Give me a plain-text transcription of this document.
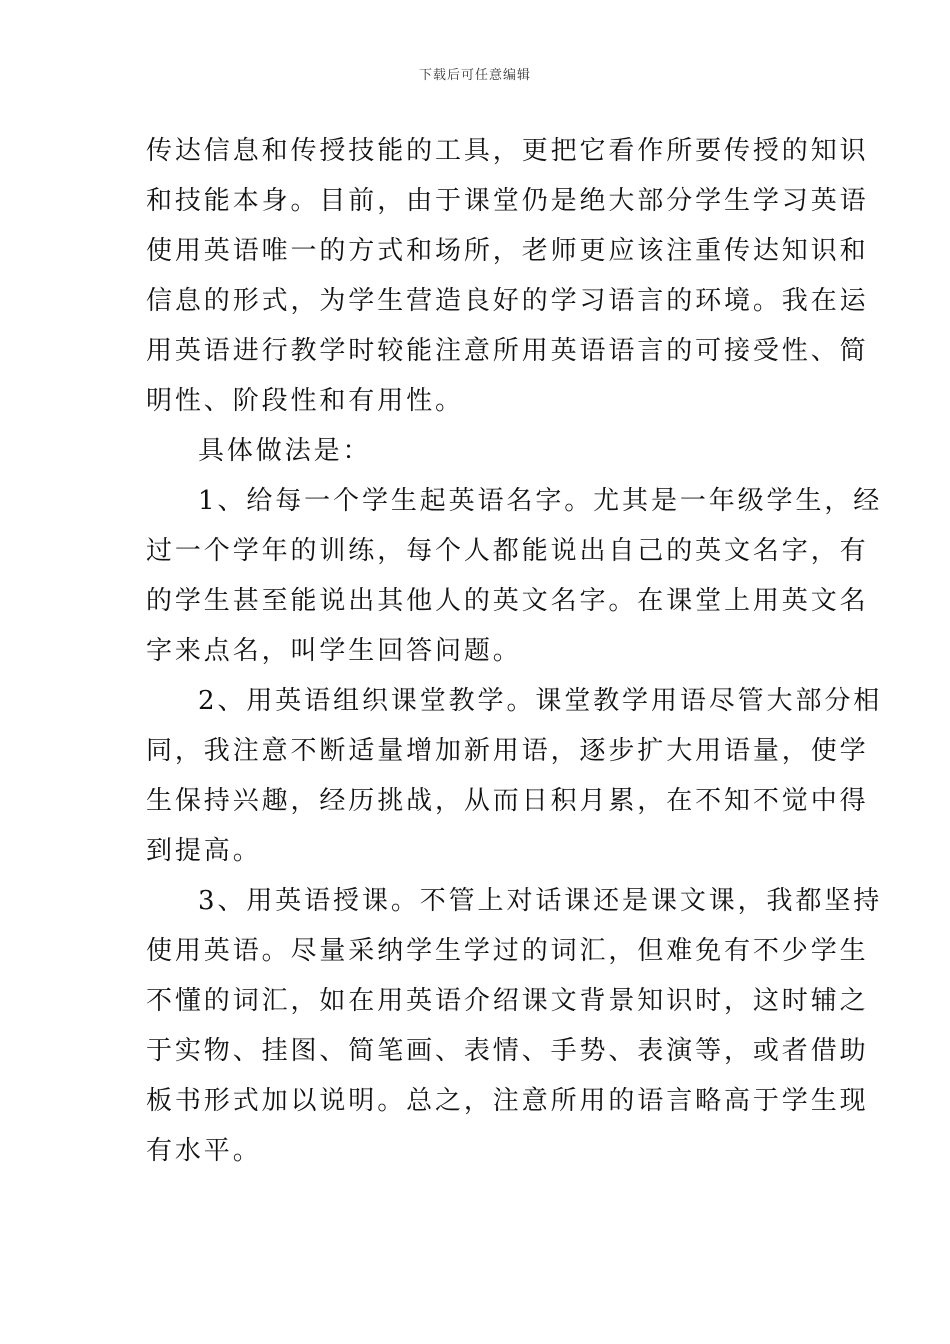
下载后可任意编辑

传达信息和传授技能的工具，更把它看作所要传授的知识
和技能本身。目前，由于课堂仍是绝大部分学生学习英语
使用英语唯一的方式和场所，老师更应该注重传达知识和
信息的形式，为学生营造良好的学习语言的环境。我在运
用英语进行教学时较能注意所用英语语言的可接受性、简
明性、阶段性和有用性。

具体做法是：

1、给每一个学生起英语名字。尤其是一年级学生，经
过一个学年的训练，每个人都能说出自己的英文名字，有
的学生甚至能说出其他人的英文名字。在课堂上用英文名
字来点名，叫学生回答问题。

2、用英语组织课堂教学。课堂教学用语尽管大部分相
同，我注意不断适量增加新用语，逐步扩大用语量，使学
生保持兴趣，经历挑战，从而日积月累，在不知不觉中得
到提高。

3、用英语授课。不管上对话课还是课文课，我都坚持
使用英语。尽量采纳学生学过的词汇，但难免有不少学生
不懂的词汇，如在用英语介绍课文背景知识时，这时辅之
于实物、挂图、简笔画、表情、手势、表演等，或者借助
板书形式加以说明。总之，注意所用的语言略高于学生现
有水平。
